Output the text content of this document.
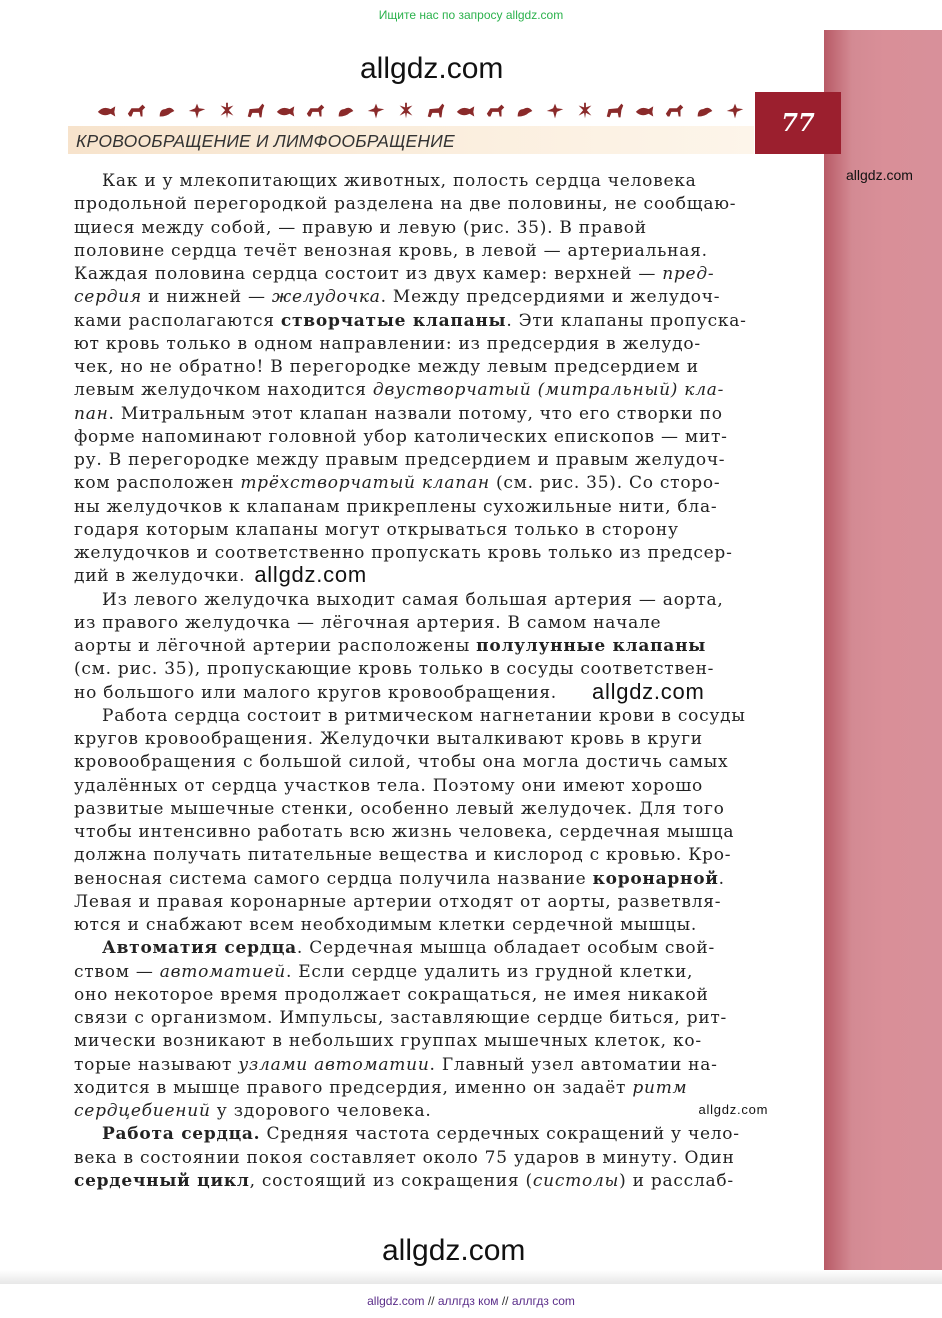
Ищите нас по запросу allgdz.com
77
allgdz.com
allgdz.com
КРОВООБРАЩЕНИЕ И ЛИМФООБРАЩЕНИЕ
Как и у млекопитающих животных, полость сердца человека
продольной перегородкой разделена на две половины, не сообщаю-
щиеся между собой, — правую и левую (рис. 35). В правой
половине сердца течёт венозная кровь, в левой — артериальная.
Каждая половина сердца состоит из двух камер: верхней — пред-
сердия и нижней — желудочка. Между предсердиями и желудоч-
ками располагаются створчатые клапаны. Эти клапаны пропуска-
ют кровь только в одном направлении: из предсердия в желудо-
чек, но не обратно! В перегородке между левым предсердием и
левым желудочком находится двустворчатый (митральный) кла-
пан. Митральным этот клапан назвали потому, что его створки по
форме напоминают головной убор католических епископов — мит-
ру. В перегородке между правым предсердием и правым желудоч-
ком расположен трёхстворчатый клапан (см. рис. 35). Со сторо-
ны желудочков к клапанам прикреплены сухожильные нити, бла-
годаря которым клапаны могут открываться только в сторону
желудочков и соответственно пропускать кровь только из предсер-
дий в желудочки. allgdz.com
Из левого желудочка выходит самая большая артерия — аорта,
из правого желудочка — лёгочная артерия. В самом начале
аорты и лёгочной артерии расположены полулунные клапаны
(см. рис. 35), пропускающие кровь только в сосуды соответствен-
но большого или малого кругов кровообращения. allgdz.com
Работа сердца состоит в ритмическом нагнетании крови в сосуды
кругов кровообращения. Желудочки выталкивают кровь в круги
кровообращения с большой силой, чтобы она могла достичь самых
удалённых от сердца участков тела. Поэтому они имеют хорошо
развитые мышечные стенки, особенно левый желудочек. Для того
чтобы интенсивно работать всю жизнь человека, сердечная мышца
должна получать питательные вещества и кислород с кровью. Кро-
веносная система самого сердца получила название коронарной.
Левая и правая коронарные артерии отходят от аорты, разветвля-
ются и снабжают всем необходимым клетки сердечной мышцы.
Автоматия сердца. Сердечная мышца обладает особым свой-
ством — автоматией. Если сердце удалить из грудной клетки,
оно некоторое время продолжает сокращаться, не имея никакой
связи с организмом. Импульсы, заставляющие сердце биться, рит-
мически возникают в небольших группах мышечных клеток, ко-
торые называют узлами автоматии. Главный узел автоматии на-
ходится в мышце правого предсердия, именно он задаёт ритм
сердцебиений у здорового человека.	allgdz.com
Работа сердца. Средняя частота сердечных сокращений у чело-
века в состоянии покоя составляет около 75 ударов в минуту. Один
сердечный цикл, состоящий из сокращения (систолы) и расслаб-
allgdz.com
allgdz.com // аллгдз ком // аллгдз com
